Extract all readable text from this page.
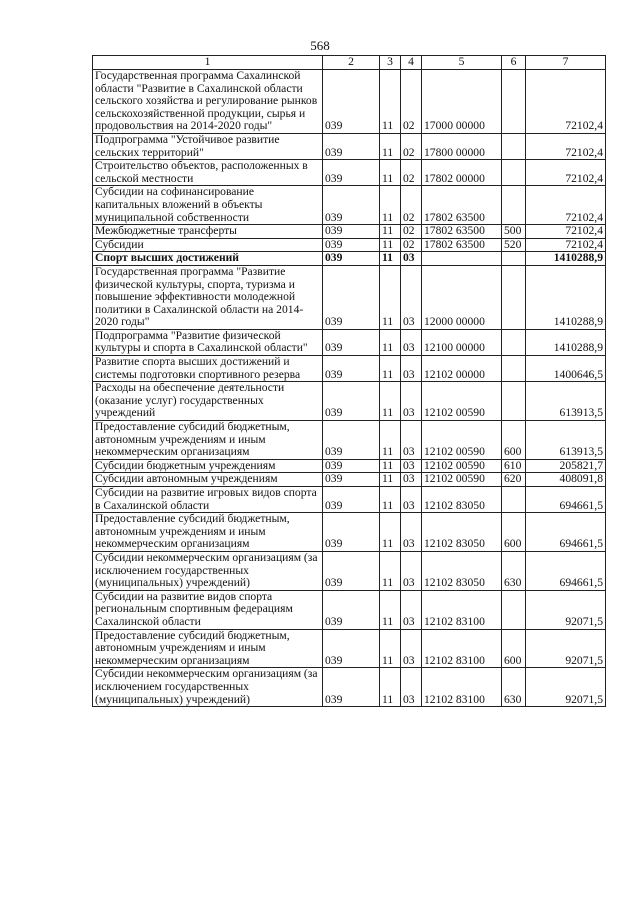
568
1	2	3	4	5	6	7
Государственная программа Сахалинской области "Развитие в Сахалинской области сельского хозяйства и регулирование рынков сельскохозяйственной продукции, сырья и продовольствия на 2014-2020 годы"	039	11	02	17000 00000		72102,4
Подпрограмма "Устойчивое развитие сельских территорий"	039	11	02	17800 00000		72102,4
Строительство объектов, расположенных в сельской местности	039	11	02	17802 00000		72102,4
Субсидии на софинансирование капитальных вложений в объекты муниципальной собственности	039	11	02	17802 63500		72102,4
Межбюджетные трансферты	039	11	02	17802 63500	500	72102,4
Субсидии	039	11	02	17802 63500	520	72102,4
Спорт высших достижений	039	11	03			1410288,9
Государственная программа "Развитие физической культуры, спорта, туризма и повышение эффективности молодежной политики в Сахалинской области на 2014-2020 годы"	039	11	03	12000 00000		1410288,9
Подпрограмма "Развитие физической культуры и спорта в Сахалинской области"	039	11	03	12100 00000		1410288,9
Развитие спорта высших достижений и системы подготовки спортивного резерва	039	11	03	12102 00000		1400646,5
Расходы на обеспечение деятельности (оказание услуг) государственных учреждений	039	11	03	12102 00590		613913,5
Предоставление субсидий бюджетным, автономным учреждениям и иным некоммерческим организациям	039	11	03	12102 00590	600	613913,5
Субсидии бюджетным учреждениям	039	11	03	12102 00590	610	205821,7
Субсидии автономным учреждениям	039	11	03	12102 00590	620	408091,8
Субсидии на развитие игровых видов спорта в Сахалинской области	039	11	03	12102 83050		694661,5
Предоставление субсидий бюджетным, автономным учреждениям и иным некоммерческим организациям	039	11	03	12102 83050	600	694661,5
Субсидии некоммерческим организациям (за исключением государственных (муниципальных) учреждений)	039	11	03	12102 83050	630	694661,5
Субсидии на развитие видов спорта региональным спортивным федерациям Сахалинской области	039	11	03	12102 83100		92071,5
Предоставление субсидий бюджетным, автономным учреждениям и иным некоммерческим организациям	039	11	03	12102 83100	600	92071,5
Субсидии некоммерческим организациям (за исключением государственных (муниципальных) учреждений)	039	11	03	12102 83100	630	92071,5
